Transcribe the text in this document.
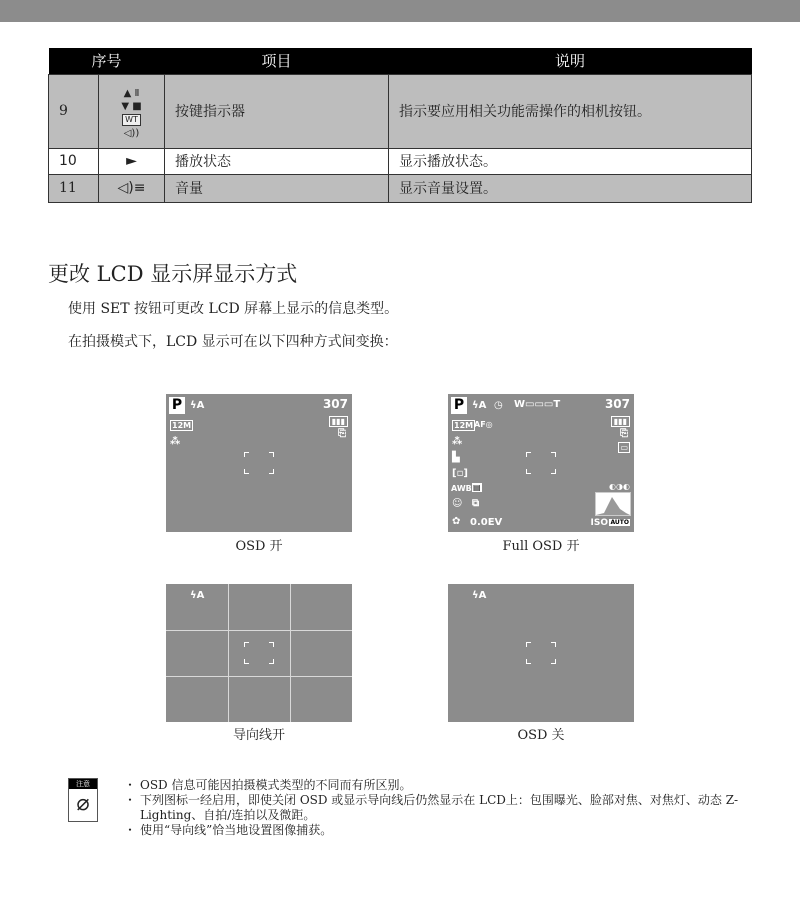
序号		项目	说明
9	▲ Ⅱ
▼ ■
WT
◁))	按键指示器	指示要应用相关功能需操作的相机按钮。
10	►	播放状态	显示播放状态。
11	◁)≡	音量	显示音量设置。
更改 LCD 显示屏显示方式

使用 SET 按钮可更改 LCD 屏幕上显示的信息类型。

在拍摄模式下，LCD 显示可在以下四种方式间变换：

P ϟA	307
12M
⁂
▮▮▮
⎘
OSD 开
P ϟA ◷ W▭▭▭T	307
12M AF◎
⁂
▙
[▫]
AWB ▤
☺ ⧉
✿ 0.0EV
▮▮▮
⎘
▭
◐◑◐
ISO AUTO
Full OSD 开
ϟA
导向线开
ϟA
OSD 关
注意
⌀
・ OSD 信息可能因拍摄模式类型的不同而有所区别。
・ 下列图标一经启用，即使关闭 OSD 或显示导向线后仍然显示在 LCD上：包围曝光、脸部对焦、对焦灯、动态 Z-Lighting、自拍/连拍以及微距。
・ 使用“导向线”恰当地设置图像捕获。
